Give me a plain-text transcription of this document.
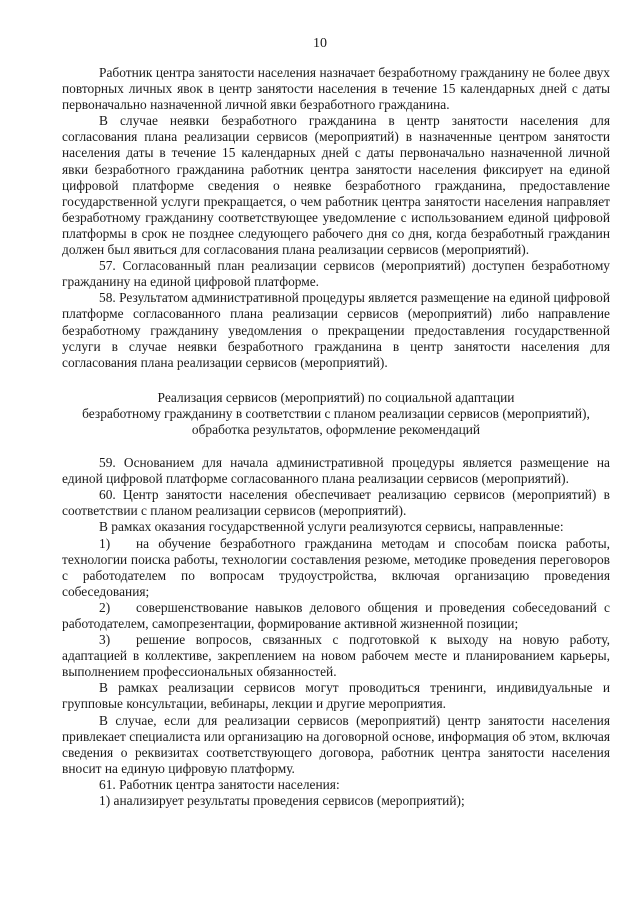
10

Работник центра занятости населения назначает безработному гражданину не более двух повторных личных явок в центр занятости населения в течение 15 календарных дней с даты первоначально назначенной личной явки безработного гражданина.

В случае неявки безработного гражданина в центр занятости населения для согласования плана реализации сервисов (мероприятий) в назначенные центром занятости населения даты в течение 15 календарных дней с даты первоначально назначенной личной явки безработного гражданина работник центра занятости населения фиксирует на единой цифровой платформе сведения о неявке безработного гражданина, предоставление государственной услуги прекращается, о чем работник центра занятости населения направляет безработному гражданину соответствующее уведомление с использованием единой цифровой платформы в срок не позднее следующего рабочего дня со дня, когда безработный гражданин должен был явиться для согласования плана реализации сервисов (мероприятий).

57. Согласованный план реализации сервисов (мероприятий) доступен безработному гражданину на единой цифровой платформе.

58. Результатом административной процедуры является размещение на единой цифровой платформе согласованного плана реализации сервисов (мероприятий) либо направление безработному гражданину уведомления о прекращении предоставления государственной услуги в случае неявки безработного гражданина в центр занятости населения для согласования плана реализации сервисов (мероприятий).

Реализация сервисов (мероприятий) по социальной адаптации
безработному гражданину в соответствии с планом реализации сервисов (мероприятий),
обработка результатов, оформление рекомендаций

59. Основанием для начала административной процедуры является размещение на единой цифровой платформе согласованного плана реализации сервисов (мероприятий).

60. Центр занятости населения обеспечивает реализацию сервисов (мероприятий) в соответствии с планом реализации сервисов (мероприятий).

В рамках оказания государственной услуги реализуются сервисы, направленные:

1) на обучение безработного гражданина методам и способам поиска работы, технологии поиска работы, технологии составления резюме, методике проведения переговоров с работодателем по вопросам трудоустройства, включая организацию проведения собеседования;

2) совершенствование навыков делового общения и проведения собеседований с работодателем, самопрезентации, формирование активной жизненной позиции;

3) решение вопросов, связанных с подготовкой к выходу на новую работу, адаптацией в коллективе, закреплением на новом рабочем месте и планированием карьеры, выполнением профессиональных обязанностей.

В рамках реализации сервисов могут проводиться тренинги, индивидуальные и групповые консультации, вебинары, лекции и другие мероприятия.

В случае, если для реализации сервисов (мероприятий) центр занятости населения привлекает специалиста или организацию на договорной основе, информация об этом, включая сведения о реквизитах соответствующего договора, работник центра занятости населения вносит на единую цифровую платформу.

61. Работник центра занятости населения:

1) анализирует результаты проведения сервисов (мероприятий);
